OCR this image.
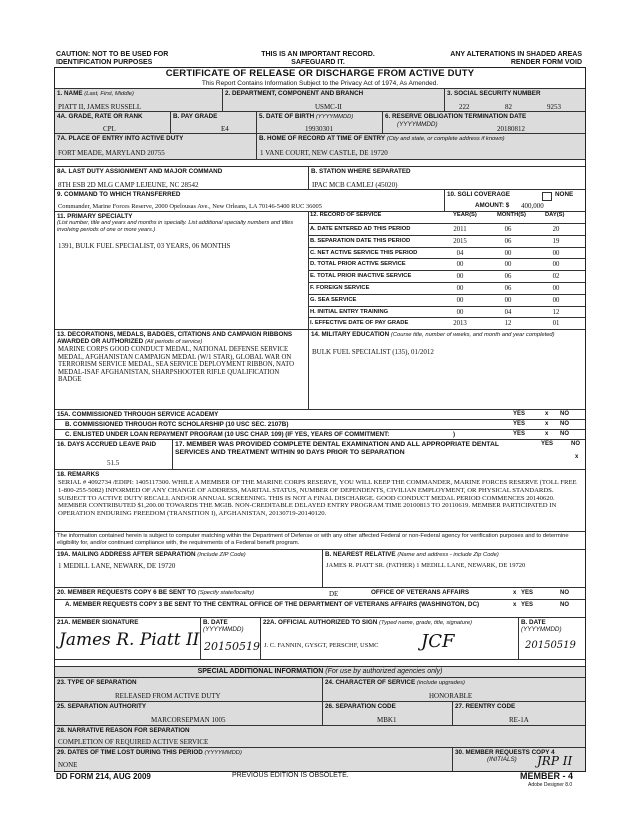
CAUTION: NOT TO BE USED FOR IDENTIFICATION PURPOSES
THIS IS AN IMPORTANT RECORD. SAFEGUARD IT.
ANY ALTERATIONS IN SHADED AREAS RENDER FORM VOID
CERTIFICATE OF RELEASE OR DISCHARGE FROM ACTIVE DUTY
This Report Contains Information Subject to the Privacy Act of 1974, As Amended.
1. NAME (Last, First, Middle)
PIATT II, JAMES RUSSELL
2. DEPARTMENT, COMPONENT AND BRANCH
USMC-II
3. SOCIAL SECURITY NUMBER
222	82	9253
4A. GRADE, RATE OR RANK
CPL
B. PAY GRADE
E4
5. DATE OF BIRTH (YYYYMMDD)
19930301
6. RESERVE OBLIGATION TERMINATION DATE
(YYYYMMDD)
20180812
7A. PLACE OF ENTRY INTO ACTIVE DUTY
FORT MEADE, MARYLAND 20755
B. HOME OF RECORD AT TIME OF ENTRY (City and state, or complete address if known)
1 VANE COURT, NEW CASTLE, DE 19720
8A. LAST DUTY ASSIGNMENT AND MAJOR COMMAND
8TH ESB 2D MLG CAMP LEJEUNE, NC 28542
B. STATION WHERE SEPARATED
IPAC MCB CAMLEJ (45020)
9. COMMAND TO WHICH TRANSFERRED
Commander, Marine Forces Reserve, 2000 Opelousas Ave., New Orleans, LA 70146-5400 RUC 36005
10. SGLI COVERAGE	NONE
AMOUNT: $ 400,000
11. PRIMARY SPECIALTY
(List number, title and years and months in specialty. List additional specialty numbers and titles involving periods of one or more years.)
1391, BULK FUEL SPECIALIST, 03 YEARS, 06 MONTHS
12. RECORD OF SERVICE	YEAR(S)	MONTH(S)	DAY(S)
A. DATE ENTERED AD THIS PERIOD	2011	06	20
B. SEPARATION DATE THIS PERIOD	2015	06	19
C. NET ACTIVE SERVICE THIS PERIOD	04	00	00
D. TOTAL PRIOR ACTIVE SERVICE	00	00	00
E. TOTAL PRIOR INACTIVE SERVICE	00	06	02
F. FOREIGN SERVICE	00	06	00
G. SEA SERVICE	00	00	00
H. INITIAL ENTRY TRAINING	00	04	12
I. EFFECTIVE DATE OF PAY GRADE	2013	12	01
13. DECORATIONS, MEDALS, BADGES, CITATIONS AND CAMPAIGN RIBBONS AWARDED OR AUTHORIZED (All periods of service)
MARINE CORPS GOOD CONDUCT MEDAL, NATIONAL DEFENSE SERVICE MEDAL, AFGHANISTAN CAMPAIGN MEDAL (W/1 STAR), GLOBAL WAR ON TERRORISM SERVICE MEDAL, SEA SERVICE DEPLOYMENT RIBBON, NATO MEDAL-ISAF AFGHANISTAN, SHARPSHOOTER RIFLE QUALIFICATION BADGE
14. MILITARY EDUCATION (Course title, number of weeks, and month and year completed)
BULK FUEL SPECIALIST (135), 01/2012
15A. COMMISSIONED THROUGH SERVICE ACADEMY	YES	x NO
B. COMMISSIONED THROUGH ROTC SCHOLARSHIP (10 USC SEC. 2107B)	YES	x NO
C. ENLISTED UNDER LOAN REPAYMENT PROGRAM (10 USC CHAP. 109) (IF YES, YEARS OF COMMITMENT:	)	YES	x NO
16. DAYS ACCRUED LEAVE PAID
51.5
17. MEMBER WAS PROVIDED COMPLETE DENTAL EXAMINATION AND ALL APPROPRIATE DENTAL SERVICES AND TREATMENT WITHIN 90 DAYS PRIOR TO SEPARATION
YES	NO
x
18. REMARKS
SERIAL # 4092734 /EDIPI: 1405117300. WHILE A MEMBER OF THE MARINE CORPS RESERVE, YOU WILL KEEP THE COMMANDER, MARINE FORCES RESERVE (TOLL FREE 1-800-255-5082) INFORMED OF ANY CHANGE OF ADDRESS, MARITAL STATUS, NUMBER OF DEPENDENTS, CIVILIAN EMPLOYMENT, OR PHYSICAL STANDARDS. SUBJECT TO ACTIVE DUTY RECALL AND/OR ANNUAL SCREENING. THIS IS NOT A FINAL DISCHARGE. GOOD CONDUCT MEDAL PERIOD COMMENCES 20140620. MEMBER CONTRIBUTED $1,200.00 TOWARDS THE MGIB. NON-CREDITABLE DELAYED ENTRY PROGRAM TIME 20100813 TO 20110619. MEMBER PARTICIPATED IN OPERATION ENDURING FREEDOM (TRANSITION I), AFGHANISTAN, 20130719-20140120.
The information contained herein is subject to computer matching within the Department of Defense or with any other affected Federal or non-Federal agency for verification purposes and to determine eligibility for, and/or continued compliance with, the requirements of a Federal benefit program.
19A. MAILING ADDRESS AFTER SEPARATION (Include ZIP Code)
1 MEDILL LANE, NEWARK, DE 19720
B. NEAREST RELATIVE (Name and address - include Zip Code)
JAMES R. PIATT SR. (FATHER) 1 MEDILL LANE, NEWARK, DE 19720
20. MEMBER REQUESTS COPY 6 BE SENT TO (Specify state/locality)	DE	OFFICE OF VETERANS AFFAIRS	x YES	NO
A. MEMBER REQUESTS COPY 3 BE SENT TO THE CENTRAL OFFICE OF THE DEPARTMENT OF VETERANS AFFAIRS (WASHINGTON, DC)	x YES	NO
21A. MEMBER SIGNATURE
James R. Piatt II
B. DATE
(YYYYMMDD)
20150519
22A. OFFICIAL AUTHORIZED TO SIGN (Typed name, grade, title, signature)
J. C. FANNIN, GYSGT, PERSCHF, USMC JCF
B. DATE
(YYYYMMDD)
20150519
SPECIAL ADDITIONAL INFORMATION (For use by authorized agencies only)
23. TYPE OF SEPARATION
RELEASED FROM ACTIVE DUTY
24. CHARACTER OF SERVICE (include upgrades)
HONORABLE
25. SEPARATION AUTHORITY
MARCORSEPMAN 1005
26. SEPARATION CODE
MBK1
27. REENTRY CODE
RE-1A
28. NARRATIVE REASON FOR SEPARATION
COMPLETION OF REQUIRED ACTIVE SERVICE
29. DATES OF TIME LOST DURING THIS PERIOD (YYYYMMDD)
NONE
30. MEMBER REQUESTS COPY 4
(INITIALS) JRP II
DD FORM 214, AUG 2009	PREVIOUS EDITION IS OBSOLETE.	MEMBER - 4
Adobe Designer 8.0
